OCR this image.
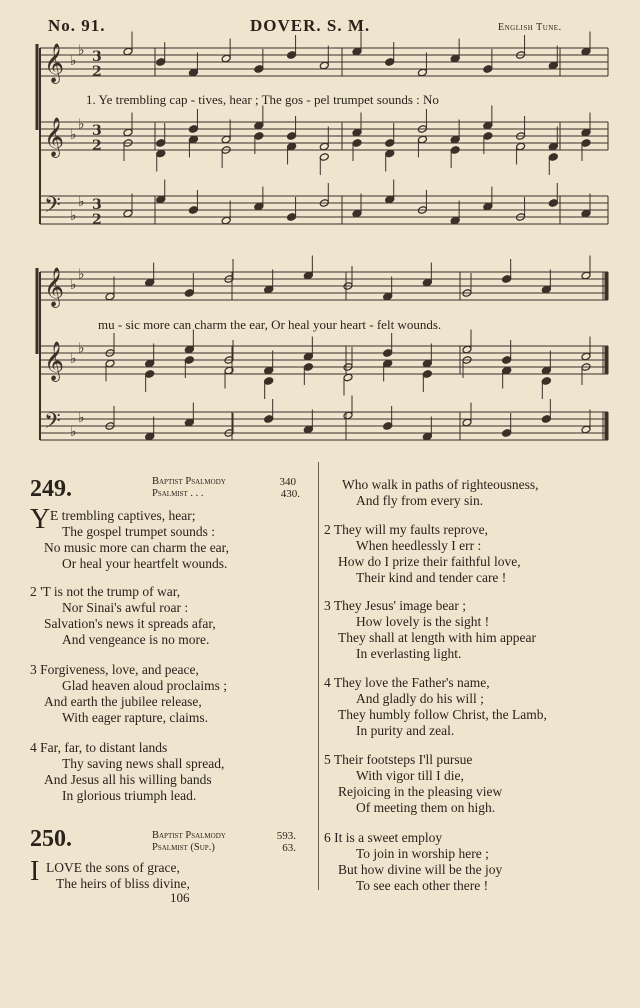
No. 91.	DOVER. S. M.	English Tune.
𝄞 ♭
♭ 3
2
𝄞 ♭
♭ 3
2
𝄢 ♭
♭ 3
2
𝄞 ♭
♭
𝄞 ♭
♭
𝄢 ♭
♭
1. Ye trembling cap - tives, hear ; The gos - pel trumpet sounds : No
mu - sic more can charm the ear, Or heal your heart - felt wounds.
249.	Baptist Psalmody	340
Psalmist . . .	430.
Y E trembling captives, hear;
The gospel trumpet sounds :
No music more can charm the ear,
Or heal your heartfelt wounds.
2 'T is not the trump of war,
Nor Sinai's awful roar :
Salvation's news it spreads afar,
And vengeance is no more.
3 Forgiveness, love, and peace,
Glad heaven aloud proclaims ;
And earth the jubilee release,
With eager rapture, claims.
4 Far, far, to distant lands
Thy saving news shall spread,
And Jesus all his willing bands
In glorious triumph lead.
250.	Baptist Psalmody	593.
Psalmist (Sup.)	63.
I LOVE the sons of grace,
The heirs of bliss divine,
Who walk in paths of righteousness,
And fly from every sin.
2 They will my faults reprove,
When heedlessly I err :
How do I prize their faithful love,
Their kind and tender care !
3 They Jesus' image bear ;
How lovely is the sight !
They shall at length with him appear
In everlasting light.
4 They love the Father's name,
And gladly do his will ;
They humbly follow Christ, the Lamb,
In purity and zeal.
5 Their footsteps I'll pursue
With vigor till I die,
Rejoicing in the pleasing view
Of meeting them on high.
6 It is a sweet employ
To join in worship here ;
But how divine will be the joy
To see each other there !
106
